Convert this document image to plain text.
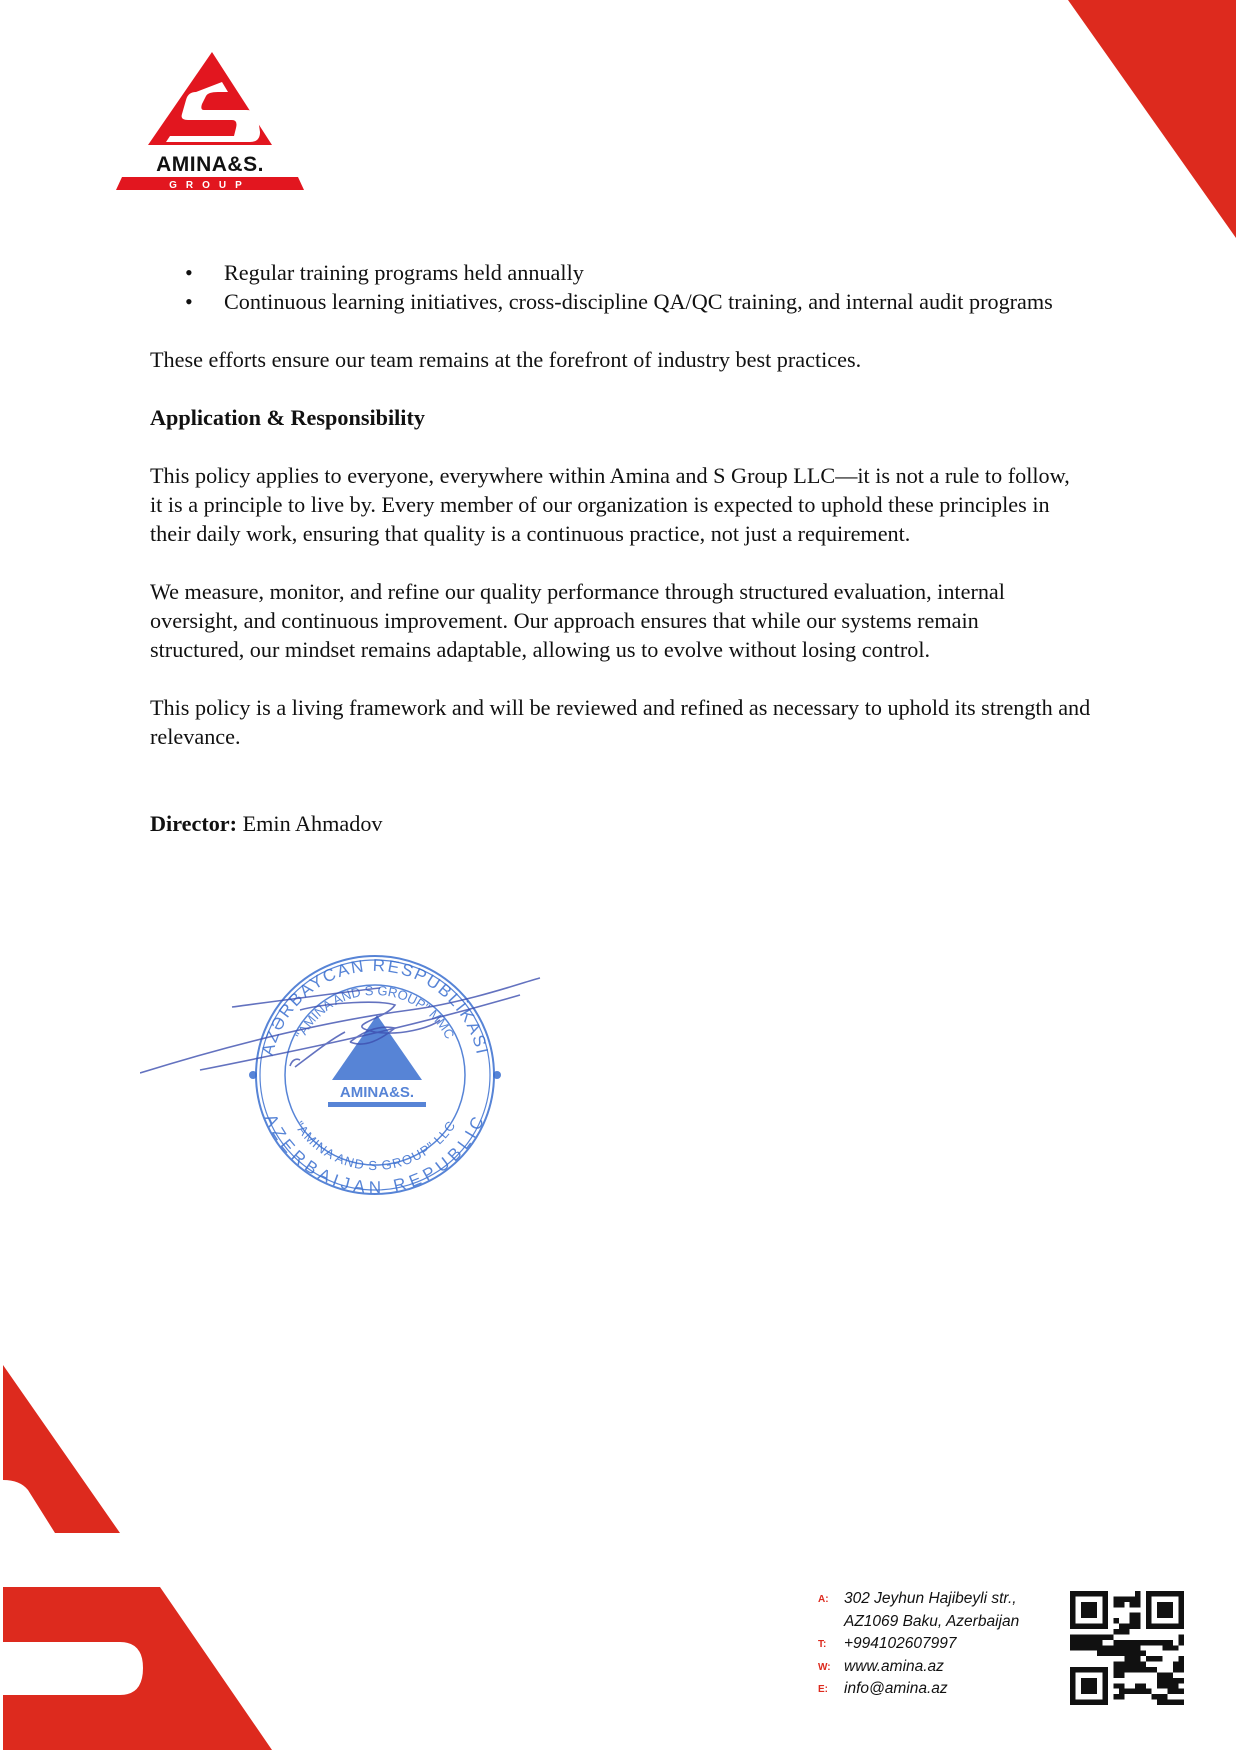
AMINA&S.
GROUP
• Regular training programs held annually
• Continuous learning initiatives, cross-discipline QA/QC training, and internal audit programs

These efforts ensure our team remains at the forefront of industry best practices.

Application & Responsibility

This policy applies to everyone, everywhere within Amina and S Group LLC—it is not a rule to follow, it is a principle to live by. Every member of our organization is expected to uphold these principles in their daily work, ensuring that quality is a continuous practice, not just a requirement.

We measure, monitor, and refine our quality performance through structured evaluation, internal oversight, and continuous improvement. Our approach ensures that while our systems remain structured, our mindset remains adaptable, allowing us to evolve without losing control.

This policy is a living framework and will be reviewed and refined as necessary to uphold its strength and relevance.

Director: Emin Ahmadov

AZƏRBAYCAN RESPUBLİKASI
AZERBAIJAN REPUBLIC
"AMINA AND S GROUP" MMC
"AMINA AND S GROUP" LLC
AMINA&S.
A: 302 Jeyhun Hajibeyli str.,
AZ1069 Baku, Azerbaijan
T: +994102607997
W: www.amina.az
E: info@amina.az
